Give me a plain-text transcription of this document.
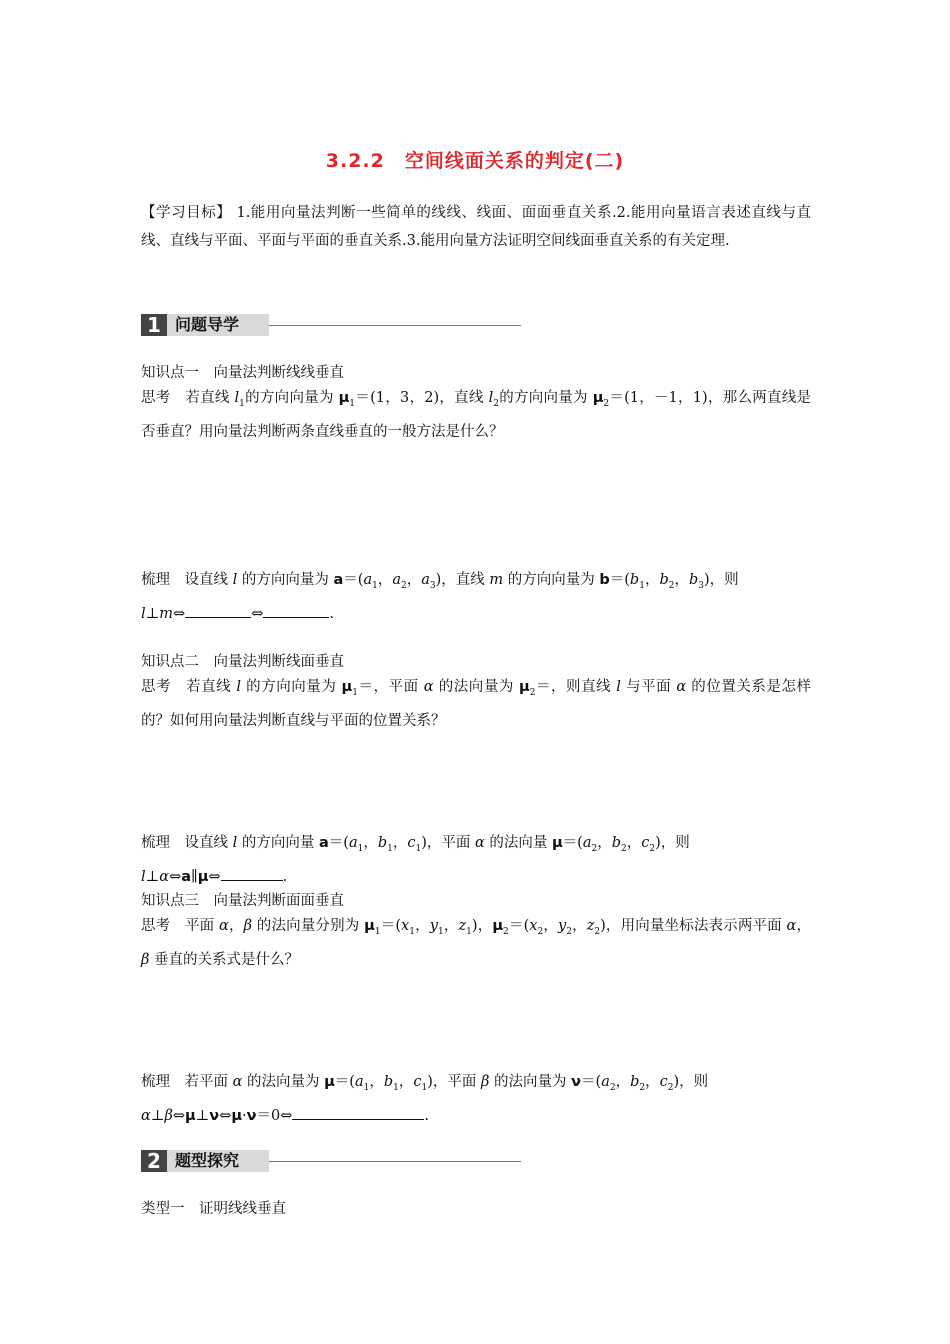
3.2.2　空间线面关系的判定(二)
【学习目标】 1.能用向量法判断一些简单的线线、线面、面面垂直关系.2.能用向量语言表述直线与直线、直线与平面、平面与平面的垂直关系.3.能用向量方法证明空间线面垂直关系的有关定理.
1 问题导学
知识点一　向量法判断线线垂直
思考　若直线 $l_1$的方向向量为 $\mu_1=(1$，3，2)，直线 $l_2$的方向向量为 $\mu_2=(1$，－1，1)，那么两直线是否垂直？用向量法判断两条直线垂直的一般方法是什么？
梳理　设直线 l 的方向向量为 $a=(a_1$，$a_2$，$a_3$)，直线 m 的方向向量为 $b=(b_1$，$b_2$，$b_3$)，则
l⊥m⇔	⇔	.
知识点二　向量法判断线面垂直
思考　若直线 l 的方向向量为 $\mu_1=$，平面 α 的法向量为 $\mu_2=$，则直线 l 与平面 α 的位置关系是怎样的？如何用向量法判断直线与平面的位置关系？
梳理　设直线 l 的方向向量 $a=(a_1$，$b_1$，$c_1$)，平面 α 的法向量 $\mu=(a_2$，$b_2$，$c_2$)，则
l⊥α⇔a∥μ⇔	.
知识点三　向量法判断面面垂直
思考　平面 α，β 的法向量分别为 $\mu_1=(x_1$，$y_1$，$z_1$)，$\mu_2=(x_2$，$y_2$，$z_2$)，用向量坐标法表示两平面 α，β 垂直的关系式是什么？
梳理　若平面 α 的法向量为 $\mu=(a_1$，$b_1$，$c_1$)，平面 β 的法向量为 $\nu=(a_2$，$b_2$，$c_2$)，则
α⊥β⇔μ⊥ν⇔μ·ν＝0⇔	.
2 题型探究
类型一　证明线线垂直
